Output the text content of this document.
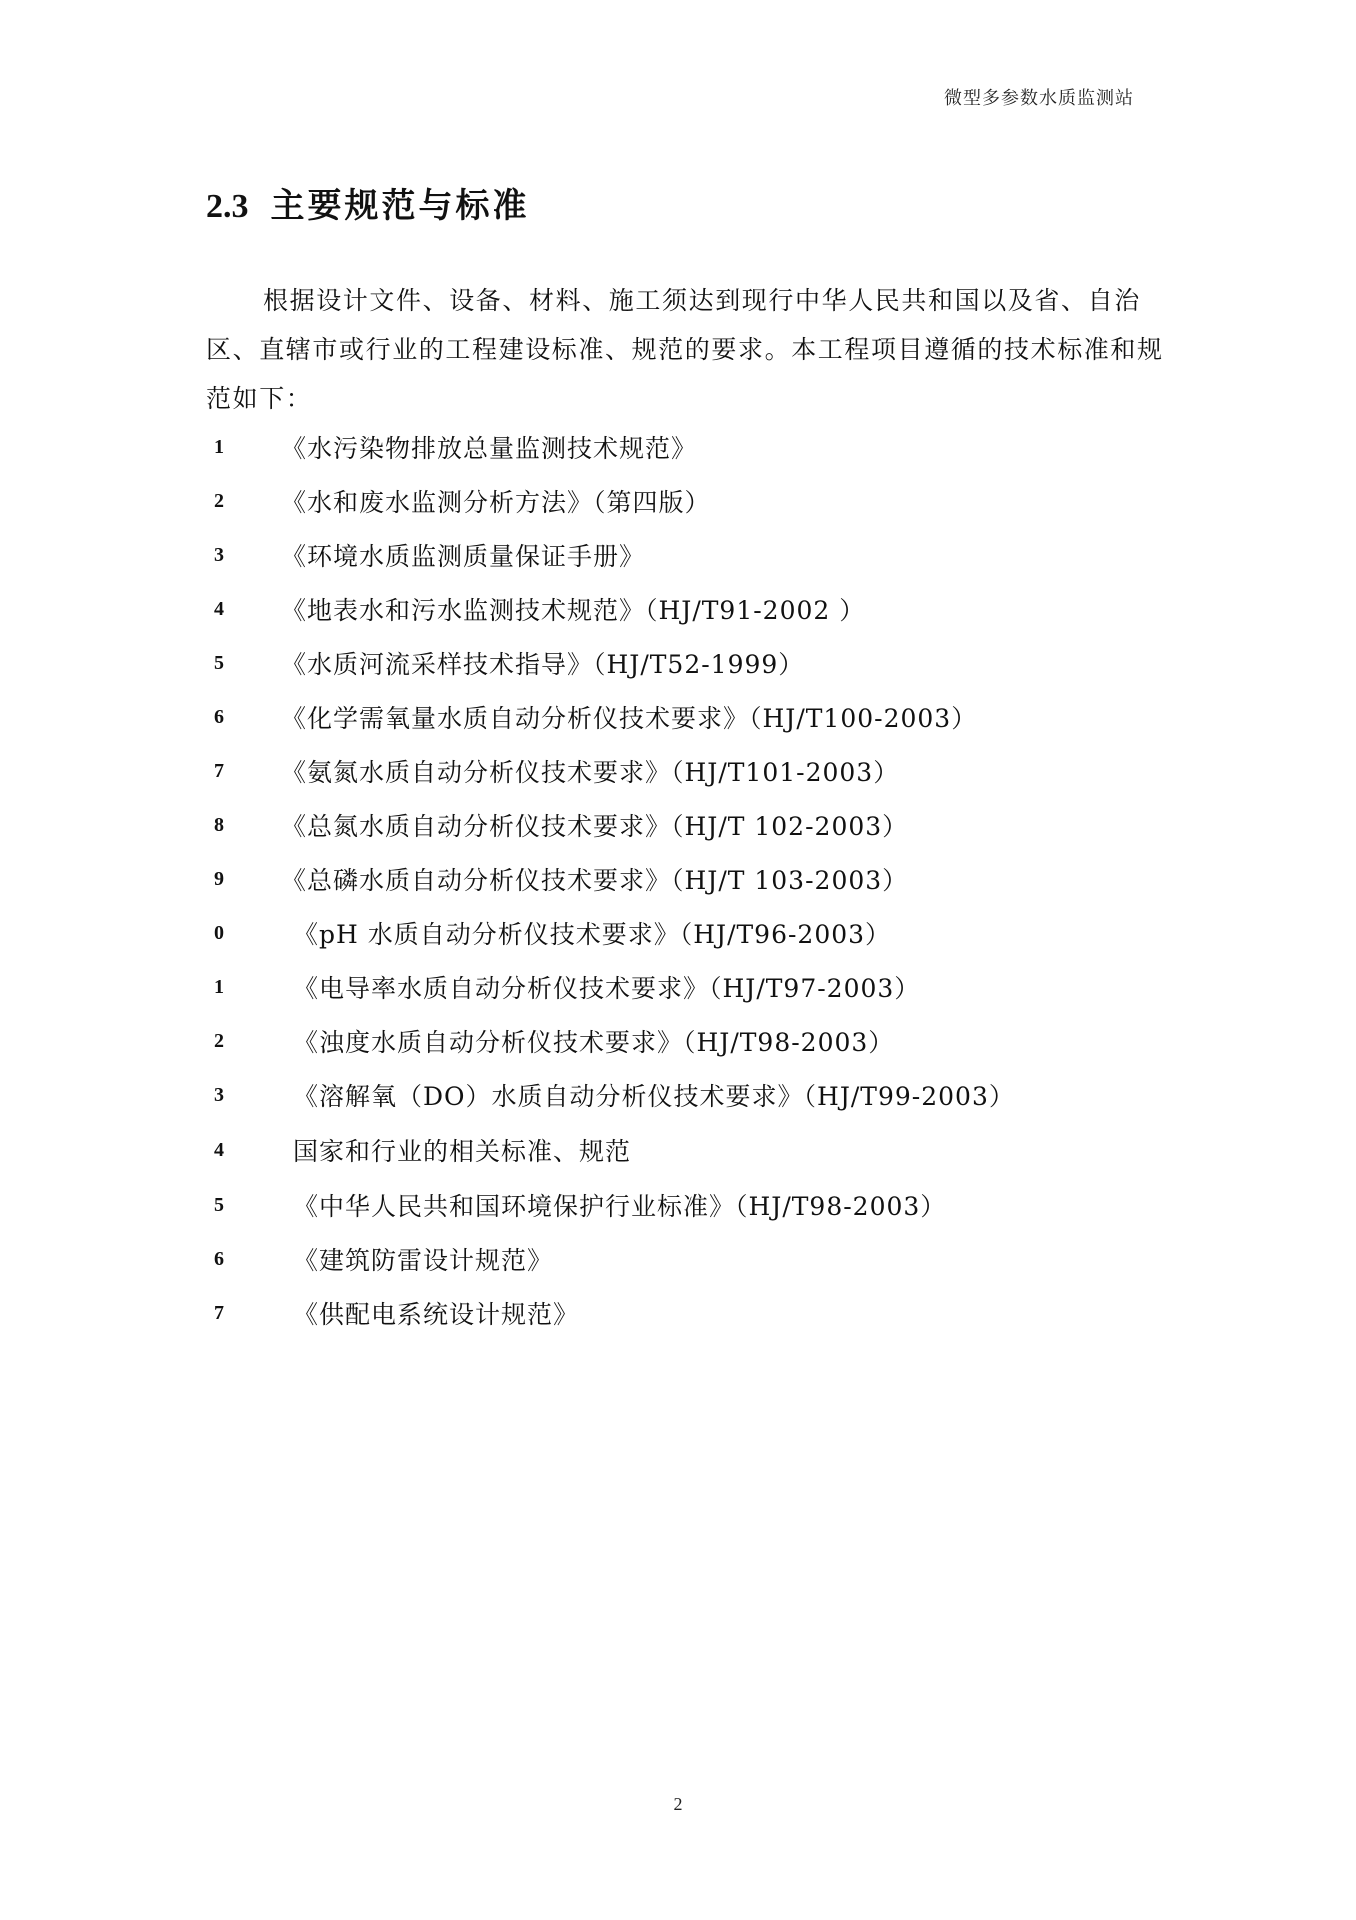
微型多参数水质监测站
2.3 主要规范与标准

根据设计文件、设备、材料、施工须达到现行中华人民共和国以及省、自治区、直辖市或行业的工程建设标准、规范的要求。本工程项目遵循的技术标准和规范如下：

1	《水污染物排放总量监测技术规范》
2	《水和废水监测分析方法》（第四版）
3	《环境水质监测质量保证手册》
4	《地表水和污水监测技术规范》（HJ/T91-2002 ）
5	《水质河流采样技术指导》（HJ/T52-1999）
6	《化学需氧量水质自动分析仪技术要求》（HJ/T100-2003）
7	《氨氮水质自动分析仪技术要求》（HJ/T101-2003）
8	《总氮水质自动分析仪技术要求》（HJ/T 102-2003）
9	《总磷水质自动分析仪技术要求》（HJ/T 103-2003）
0	《pH 水质自动分析仪技术要求》（HJ/T96-2003）
1	《电导率水质自动分析仪技术要求》（HJ/T97-2003）
2	《浊度水质自动分析仪技术要求》（HJ/T98-2003）
3	《溶解氧（DO）水质自动分析仪技术要求》（HJ/T99-2003）
4	国家和行业的相关标准、规范
5	《中华人民共和国环境保护行业标准》（HJ/T98-2003）
6	《建筑防雷设计规范》
7	《供配电系统设计规范》
2
